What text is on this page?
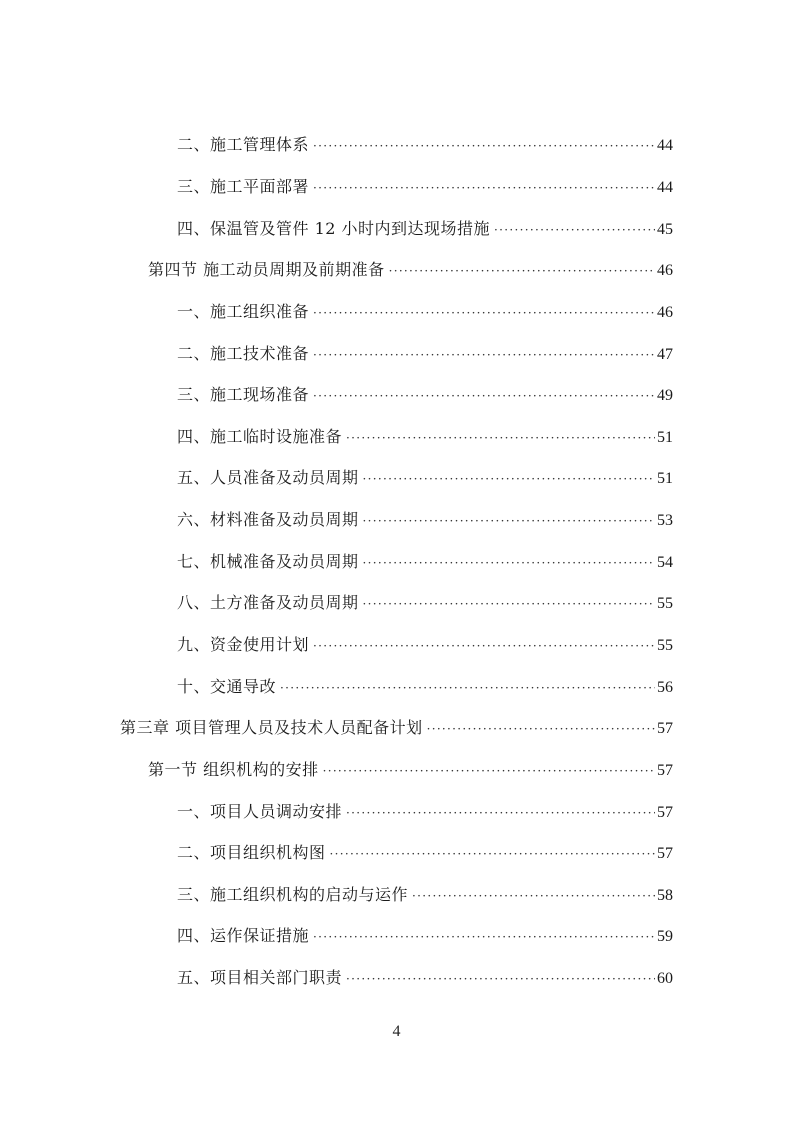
二、施工管理体系 ·····	44
三、施工平面部署 ·····	44
四、保温管及管件 12 小时内到达现场措施 ·····	45
第四节 施工动员周期及前期准备 ·····	46
一、施工组织准备 ·····	46
二、施工技术准备 ·····	47
三、施工现场准备 ·····	49
四、施工临时设施准备 ·····	51
五、人员准备及动员周期 ·····	51
六、材料准备及动员周期 ·····	53
七、机械准备及动员周期 ·····	54
八、土方准备及动员周期 ·····	55
九、资金使用计划 ·····	55
十、交通导改 ·····	56
第三章 项目管理人员及技术人员配备计划 ·····	57
第一节 组织机构的安排 ·····	57
一、项目人员调动安排 ·····	57
二、项目组织机构图 ·····	57
三、施工组织机构的启动与运作 ·····	58
四、运作保证措施 ·····	59
五、项目相关部门职责 ·····	60
4
